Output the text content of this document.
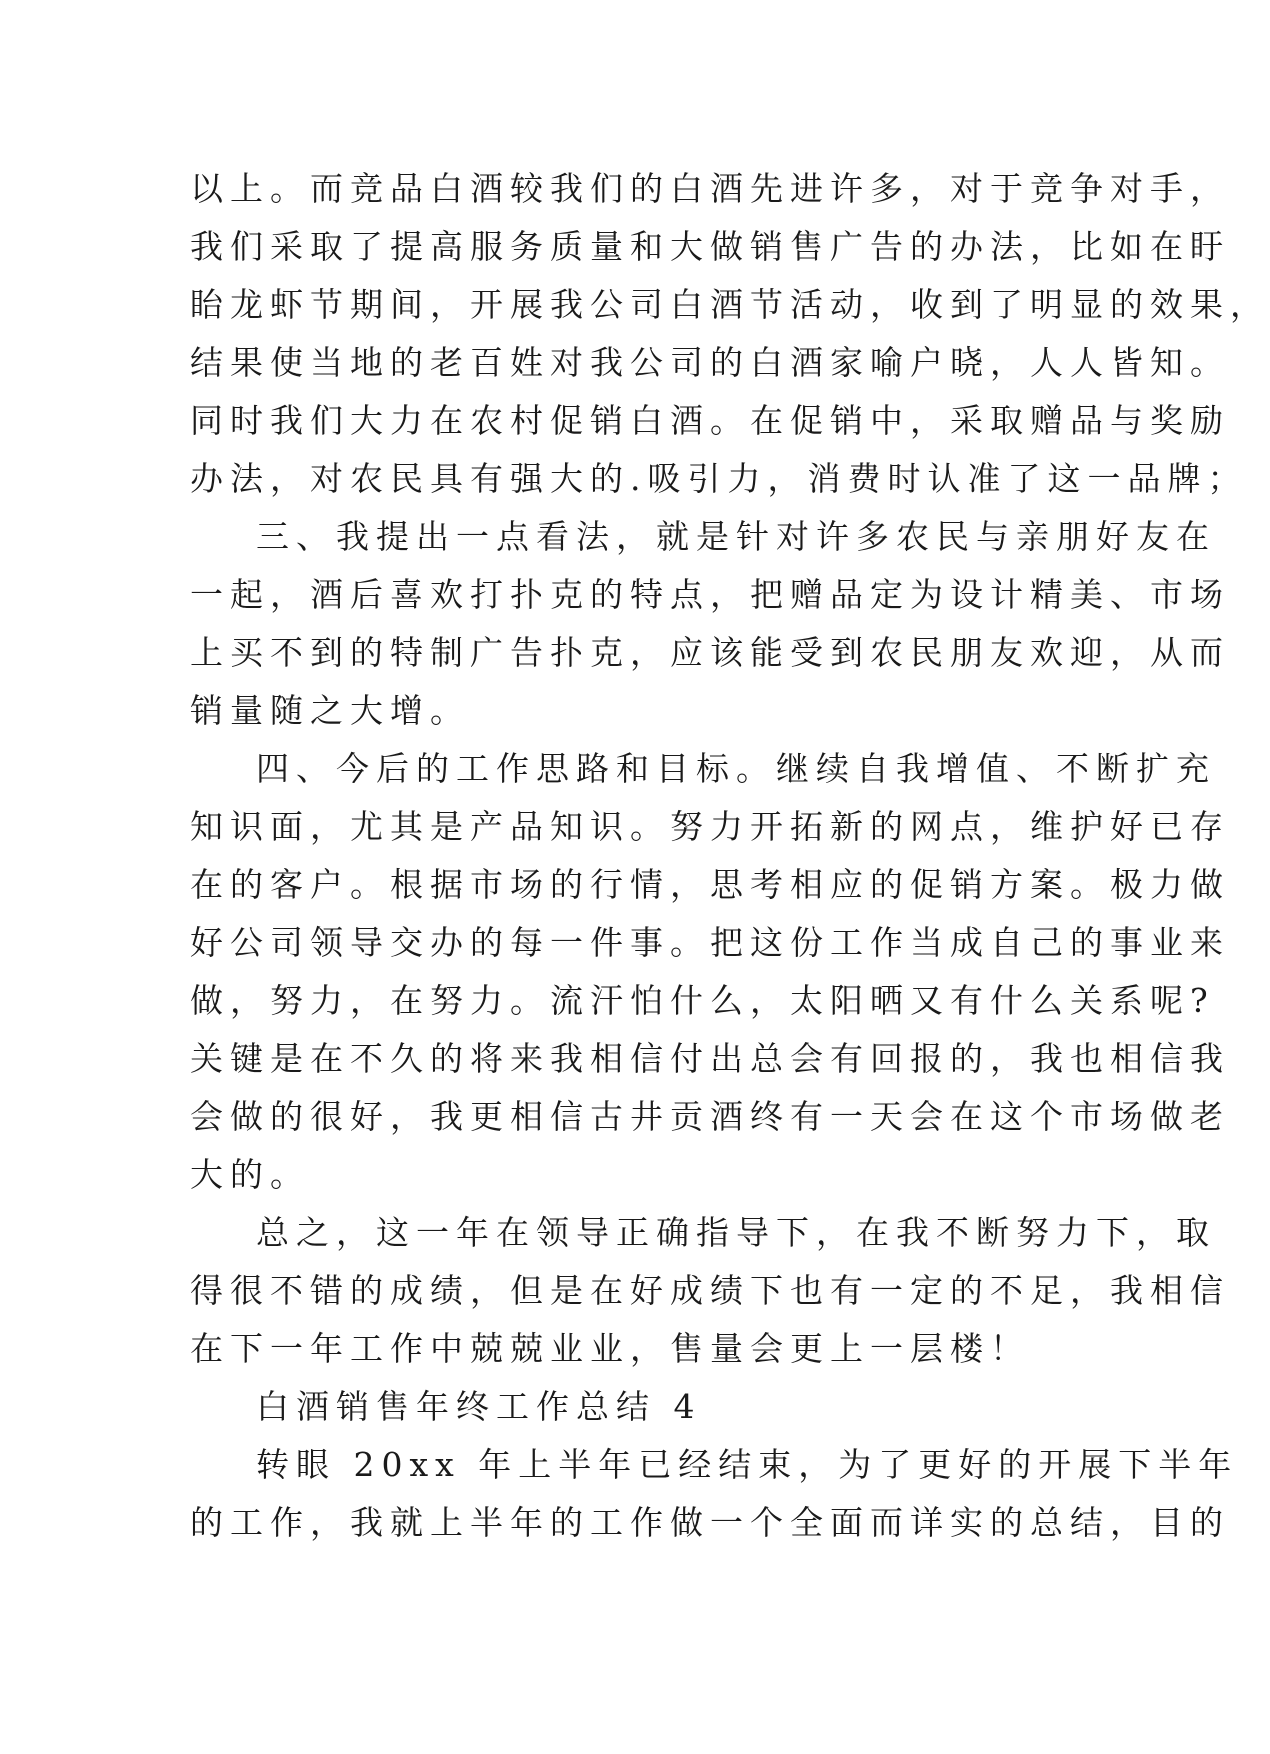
以上。而竞品白酒较我们的白酒先进许多，对于竞争对手，
我们采取了提高服务质量和大做销售广告的办法，比如在盱
眙龙虾节期间，开展我公司白酒节活动，收到了明显的效果，
结果使当地的老百姓对我公司的白酒家喻户晓，人人皆知。
同时我们大力在农村促销白酒。在促销中，采取赠品与奖励
办法，对农民具有强大的.吸引力，消费时认准了这一品牌；
三、我提出一点看法，就是针对许多农民与亲朋好友在
一起，酒后喜欢打扑克的特点，把赠品定为设计精美、市场
上买不到的特制广告扑克，应该能受到农民朋友欢迎，从而
销量随之大增。
四、今后的工作思路和目标。继续自我增值、不断扩充
知识面，尤其是产品知识。努力开拓新的网点，维护好已存
在的客户。根据市场的行情，思考相应的促销方案。极力做
好公司领导交办的每一件事。把这份工作当成自己的事业来
做，努力，在努力。流汗怕什么，太阳晒又有什么关系呢?
关键是在不久的将来我相信付出总会有回报的，我也相信我
会做的很好，我更相信古井贡酒终有一天会在这个市场做老
大的。
总之，这一年在领导正确指导下，在我不断努力下，取
得很不错的成绩，但是在好成绩下也有一定的不足，我相信
在下一年工作中兢兢业业，售量会更上一层楼！
白酒销售年终工作总结 4
转眼 20xx 年上半年已经结束，为了更好的开展下半年
的工作，我就上半年的工作做一个全面而详实的总结，目的
